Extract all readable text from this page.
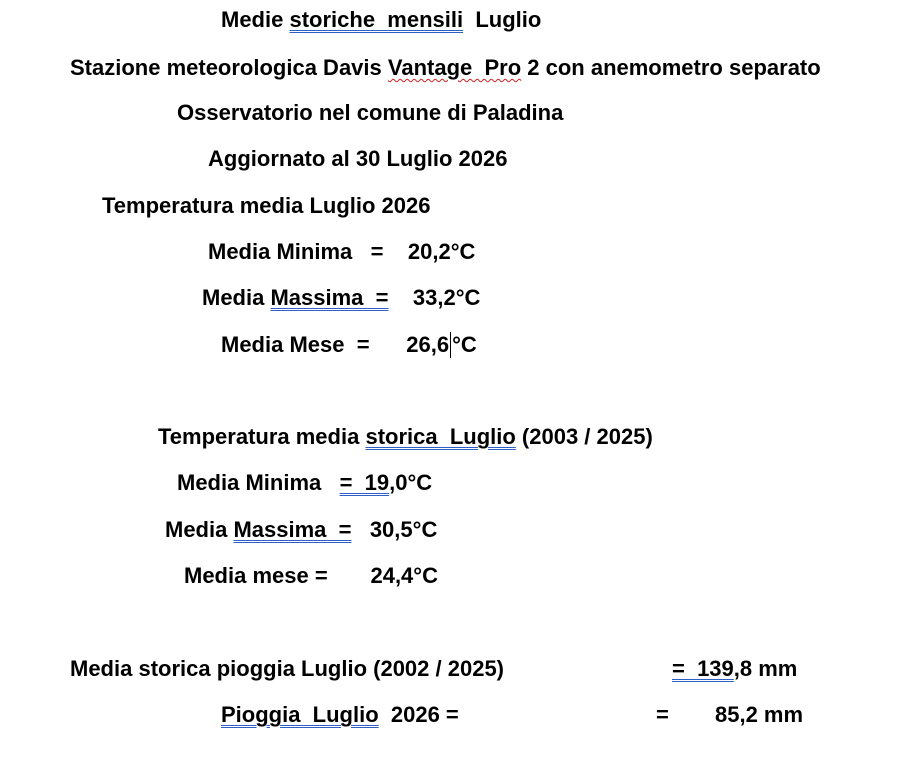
Medie storiche  mensili  Luglio
Stazione meteorologica Davis Vantage  Pro 2 con anemometro separato
Osservatorio nel comune di Paladina
Aggiornato al 30 Luglio 2026
Temperatura media Luglio 2026
Media Minima   =    20,2°C
Media Massima  =    33,2°C
Media Mese  =      26,6 °C
Temperatura media storica  Luglio (2003 / 2025)
Media Minima   =  19,0°C
Media Massima  =   30,5°C
Media mese =       24,4°C
Media storica pioggia Luglio (2002 / 2025)	=  139,8 mm
Pioggia  Luglio  2026 =	= 85,2 mm
